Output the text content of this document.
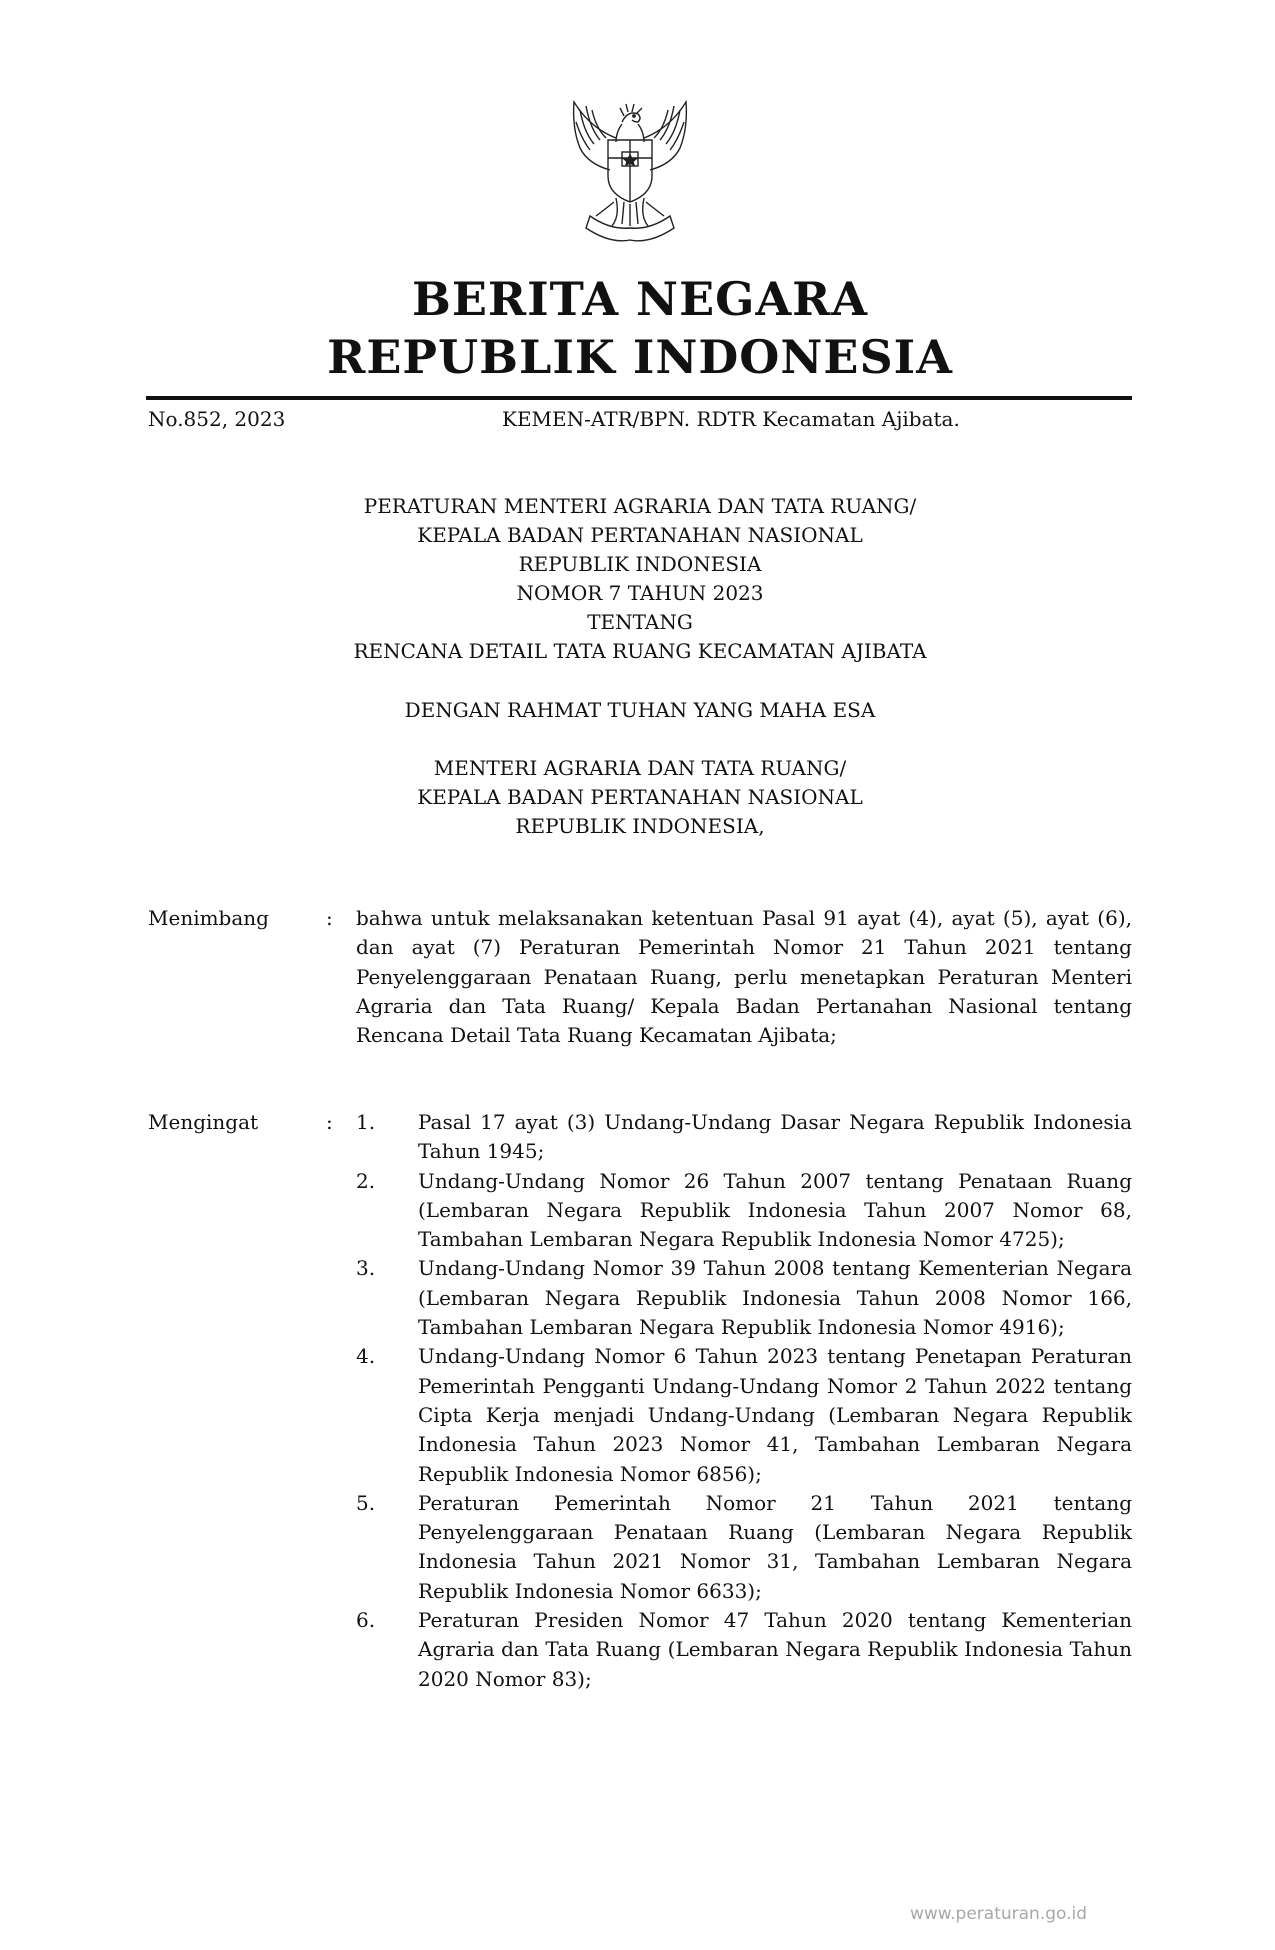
BERITA NEGARA
REPUBLIK INDONESIA
No.852, 2023	KEMEN-ATR/BPN. RDTR Kecamatan Ajibata.
PERATURAN MENTERI AGRARIA DAN TATA RUANG/
KEPALA BADAN PERTANAHAN NASIONAL
REPUBLIK INDONESIA
NOMOR 7 TAHUN 2023
TENTANG
RENCANA DETAIL TATA RUANG KECAMATAN AJIBATA
DENGAN RAHMAT TUHAN YANG MAHA ESA
MENTERI AGRARIA DAN TATA RUANG/
KEPALA BADAN PERTANAHAN NASIONAL
REPUBLIK INDONESIA,
Menimbang	: bahwa untuk melaksanakan ketentuan Pasal 91 ayat (4), ayat (5), ayat (6), dan ayat (7) Peraturan Pemerintah Nomor 21 Tahun 2021 tentang Penyelenggaraan Penataan Ruang, perlu menetapkan Peraturan Menteri Agraria dan Tata Ruang/ Kepala Badan Pertanahan Nasional tentang Rencana Detail Tata Ruang Kecamatan Ajibata;
Mengingat	: 1. Pasal 17 ayat (3) Undang-Undang Dasar Negara Republik Indonesia Tahun 1945;
2. Undang-Undang Nomor 26 Tahun 2007 tentang Penataan Ruang (Lembaran Negara Republik Indonesia Tahun 2007 Nomor 68, Tambahan Lembaran Negara Republik Indonesia Nomor 4725);
3. Undang-Undang Nomor 39 Tahun 2008 tentang Kementerian Negara (Lembaran Negara Republik Indonesia Tahun 2008 Nomor 166, Tambahan Lembaran Negara Republik Indonesia Nomor 4916);
4. Undang-Undang Nomor 6 Tahun 2023 tentang Penetapan Peraturan Pemerintah Pengganti Undang-Undang Nomor 2 Tahun 2022 tentang Cipta Kerja menjadi Undang-Undang (Lembaran Negara Republik Indonesia Tahun 2023 Nomor 41, Tambahan Lembaran Negara Republik Indonesia Nomor 6856);
5. Peraturan Pemerintah Nomor 21 Tahun 2021 tentang Penyelenggaraan Penataan Ruang (Lembaran Negara Republik Indonesia Tahun 2021 Nomor 31, Tambahan Lembaran Negara Republik Indonesia Nomor 6633);
6. Peraturan Presiden Nomor 47 Tahun 2020 tentang Kementerian Agraria dan Tata Ruang (Lembaran Negara Republik Indonesia Tahun 2020 Nomor 83);
www.peraturan.go.id
